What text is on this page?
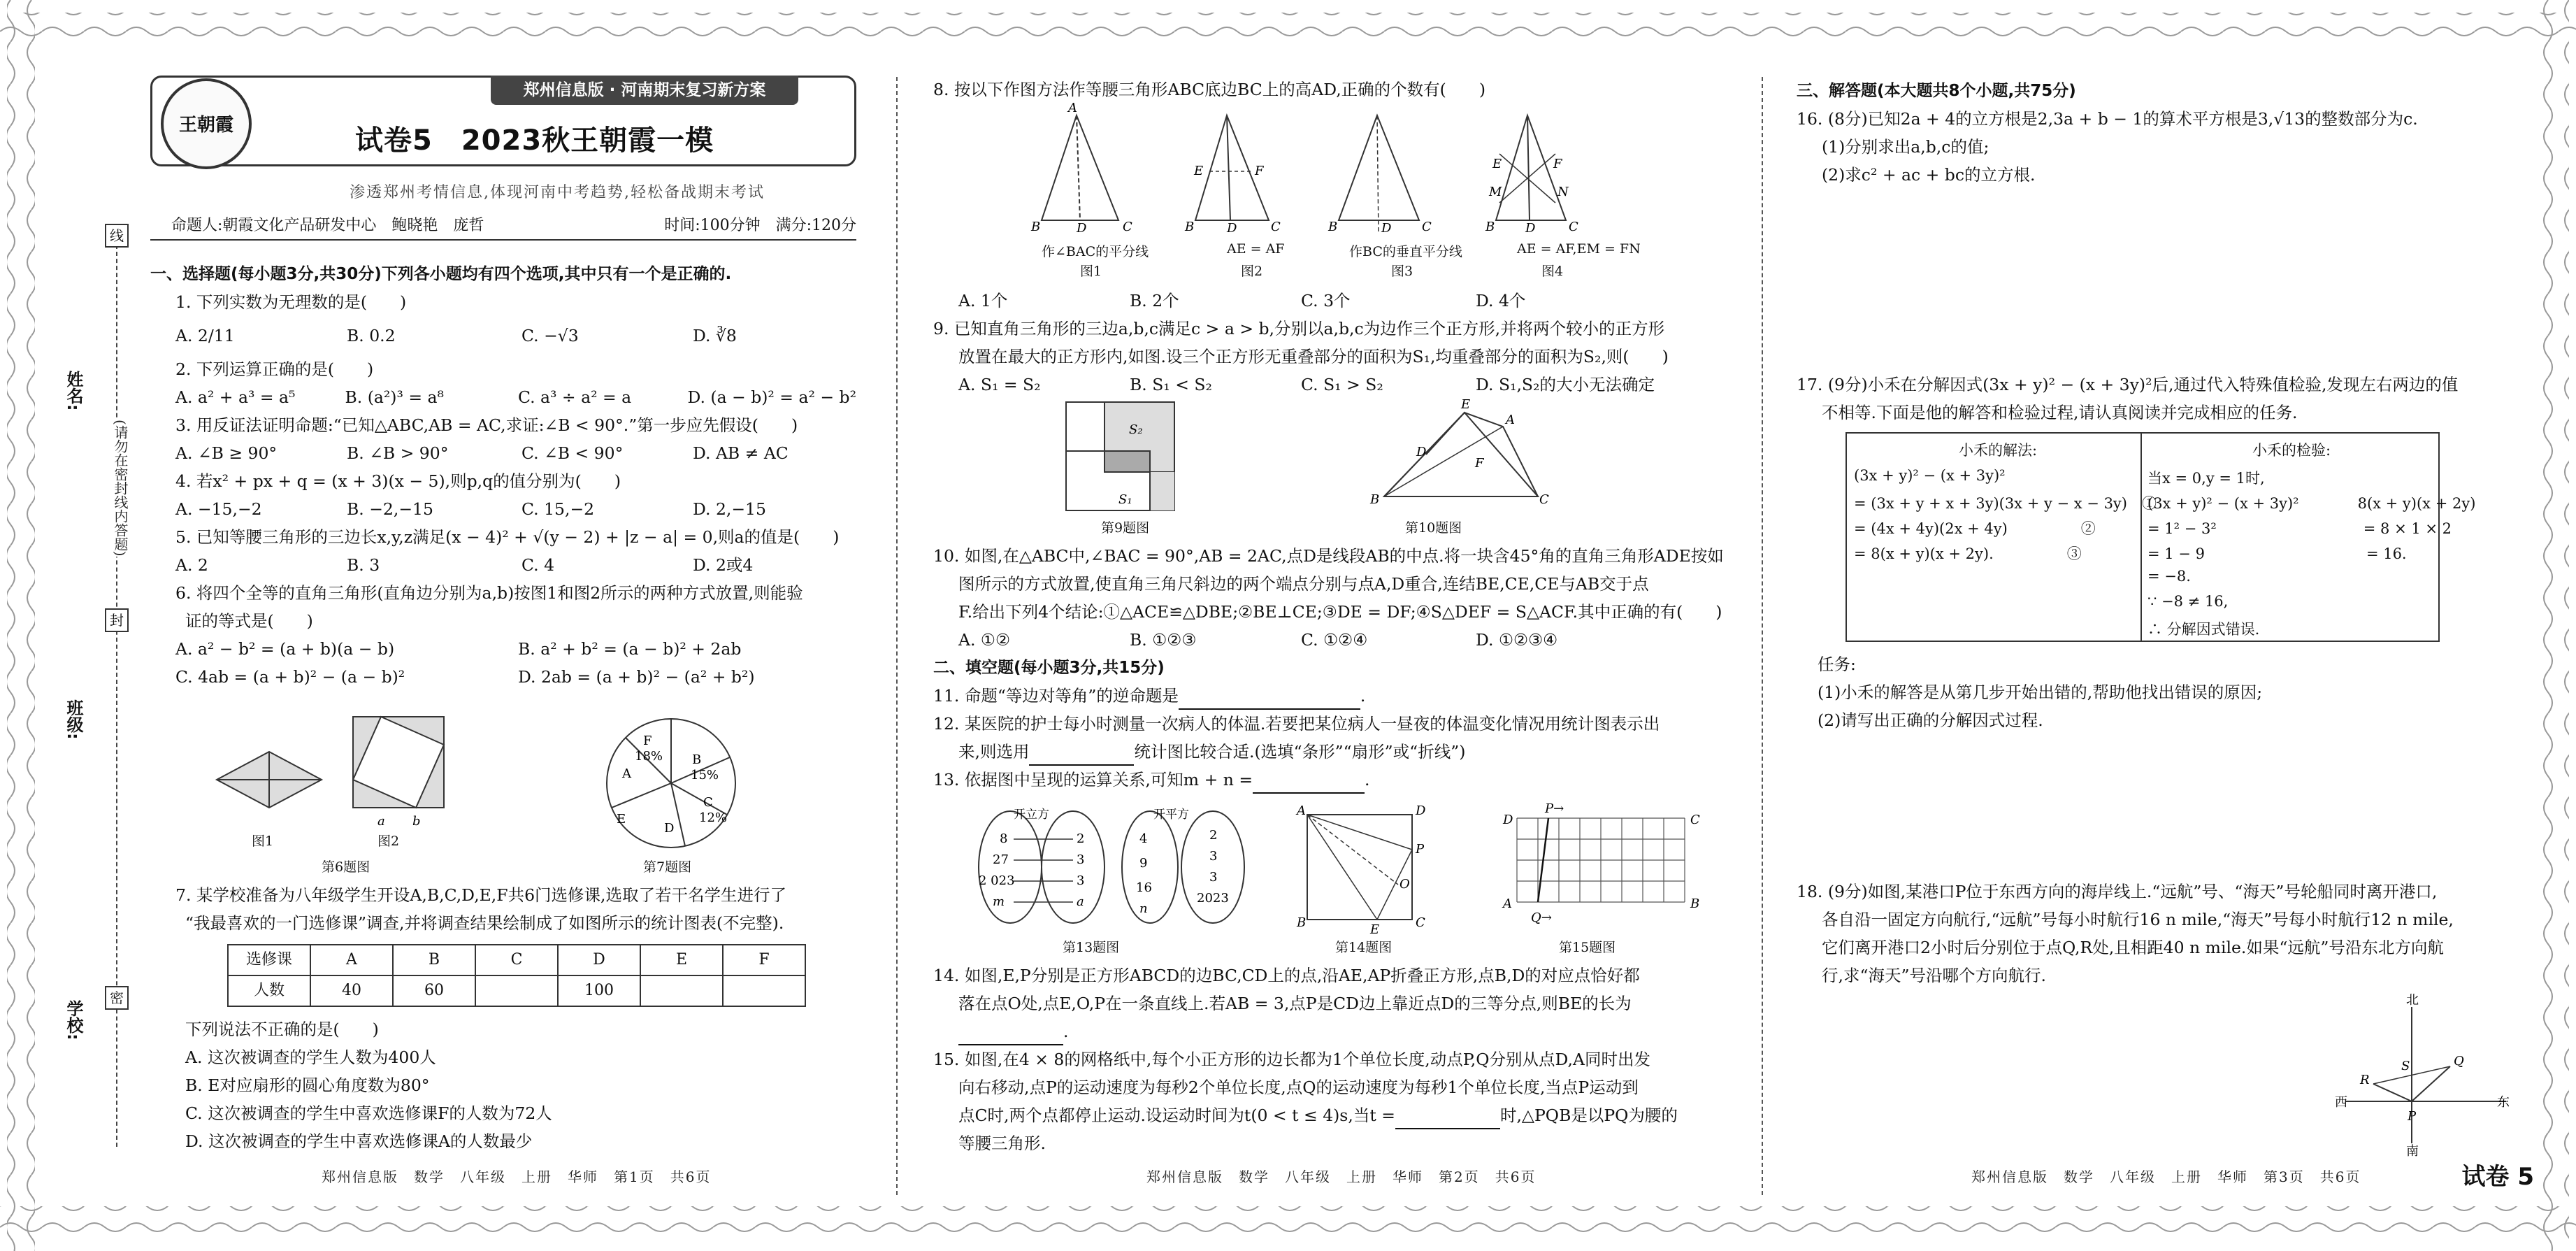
郑州信息版 · 河南期末复习新方案
试卷5　2023秋王朝霞一模
王朝霞
渗透郑州考情信息,体现河南中考趋势,轻松备战期末考试
命题人:朝霞文化产品研发中心　鲍晓艳　庞哲	时间:100分钟　满分:120分
姓名:
班级:
学校:
(请勿在密封线内答题)
线
封
密
一、选择题(每小题3分,共30分)下列各小题均有四个选项,其中只有一个是正确的.
1. 下列实数为无理数的是(　　)
A. 2/11	B. 0.2	C. −√3	D. ∛8
2. 下列运算正确的是(　　)
A. a² + a³ = a⁵	B. (a²)³ = a⁸	C. a³ ÷ a² = a	D. (a − b)² = a² − b²
3. 用反证法证明命题:“已知△ABC,AB = AC,求证:∠B < 90°.”第一步应先假设(　　)
A. ∠B ≥ 90°	B. ∠B > 90°	C. ∠B < 90°	D. AB ≠ AC
4. 若x² + px + q = (x + 3)(x − 5),则p,q的值分别为(　　)
A. −15,−2	B. −2,−15	C. 15,−2	D. 2,−15
5. 已知等腰三角形的三边长x,y,z满足(x − 4)² + √(y − 2) + |z − a| = 0,则a的值是(　　)
A. 2	B. 3	C. 4	D. 2或4
6. 将四个全等的直角三角形(直角边分别为a,b)按图1和图2所示的两种方式放置,则能验
证的等式是(　　)
A. a² − b² = (a + b)(a − b)	B. a² + b² = (a − b)² + 2ab
C. 4ab = (a + b)² − (a − b)²	D. 2ab = (a + b)² − (a² + b²)
a b
F
18% B
15%
C
12%
A
D
E
图1	图2
第6题图	第7题图
7. 某学校准备为八年级学生开设A,B,C,D,E,F共6门选修课,选取了若干名学生进行了
“我最喜欢的一门选修课”调查,并将调查结果绘制成了如图所示的统计图表(不完整).
选修课	A	B	C	D	E	F
人数	40	60		100		
下列说法不正确的是(　　)
A. 这次被调查的学生人数为400人
B. E对应扇形的圆心角度数为80°
C. 这次被调查的学生中喜欢选修课F的人数为72人
D. 这次被调查的学生中喜欢选修课A的人数最少
8. 按以下作图方法作等腰三角形ABC底边BC上的高AD,正确的个数有(　　)
B	D	C
A
E	F
B	D	C	B	D C
E	F
M	N
B D	C
作∠BAC的平分线	AE = AF	作BC的垂直平分线	AE = AF,EM = FN
图1	图2	图3	图4
A. 1个	B. 2个	C. 3个	D. 4个
9. 已知直角三角形的三边a,b,c满足c > a > b,分别以a,b,c为边作三个正方形,并将两个较小的正方形
放置在最大的正方形内,如图.设三个正方形无重叠部分的面积为S₁,均重叠部分的面积为S₂,则(　　)
A. S₁ = S₂	B. S₁ < S₂	C. S₁ > S₂	D. S₁,S₂的大小无法确定
S₂
S₁	B
E
A
D
F
C
第9题图	第10题图
10. 如图,在△ABC中,∠BAC = 90°,AB = 2AC,点D是线段AB的中点.将一块含45°角的直角三角形ADE按如
图所示的方式放置,使直角三角尺斜边的两个端点分别与点A,D重合,连结BE,CE,CE与AB交于点
F.给出下列4个结论:①△ACE≌△DBE;②BE⊥CE;③DE = DF;④S△DEF = S△ACF.其中正确的有(　　)
A. ①②	B. ①②③	C. ①②④	D. ①②③④
二、填空题(每小题3分,共15分)
11. 命题“等边对等角”的逆命题是	.
12. 某医院的护士每小时测量一次病人的体温.若要把某位病人一昼夜的体温变化情况用统计图表示出
来,则选用	统计图比较合适.(选填“条形”“扇形”或“折线”)
13. 依据图中呈现的运算关系,可知m + n =	.
开立方
8
27
2 023
m
2
3
3
a
开平方
4
9
16
n
2
3
3
2023
A	D
P
O
B	E	C
D	C
A	B
P→
Q→
第13题图	第14题图	第15题图
14. 如图,E,P分别是正方形ABCD的边BC,CD上的点,沿AE,AP折叠正方形,点B,D的对应点恰好都
落在点O处,点E,O,P在一条直线上.若AB = 3,点P是CD边上靠近点D的三等分点,则BE的长为
.
15. 如图,在4 × 8的网格纸中,每个小正方形的边长都为1个单位长度,动点P,Q分别从点D,A同时出发
向右移动,点P的运动速度为每秒2个单位长度,点Q的运动速度为每秒1个单位长度,当点P运动到
点C时,两个点都停止运动.设运动时间为t(0 < t ≤ 4)s,当t =	时,△PQB是以PQ为腰的
等腰三角形.
三、解答题(本大题共8个小题,共75分)
16. (8分)已知2a + 4的立方根是2,3a + b − 1的算术平方根是3,√13的整数部分为c.
(1)分别求出a,b,c的值;
(2)求c² + ac + bc的立方根.
17. (9分)小禾在分解因式(3x + y)² − (x + 3y)²后,通过代入特殊值检验,发现左右两边的值
不相等.下面是他的解答和检验过程,请认真阅读并完成相应的任务.
小禾的解法:	小禾的检验:
(3x + y)² − (x + 3y)²
= (3x + y + x + 3y)(3x + y − x − 3y)　①
= (4x + 4y)(2x + 4y)　　　　　②
= 8(x + y)(x + 2y).　　　　　③
当x = 0,y = 1时,
(3x + y)² − (x + 3y)²　　　　8(x + y)(x + 2y)
= 1² − 3²　　　　　　　　　　= 8 × 1 × 2
= 1 − 9　　　　　　　　　　　= 16.
= −8.
∵ −8 ≠ 16,
∴ 分解因式错误.
任务:
(1)小禾的解答是从第几步开始出错的,帮助他找出错误的原因;
(2)请写出正确的分解因式过程.
18. (9分)如图,某港口P位于东西方向的海岸线上.“远航”号、“海天”号轮船同时离开港口,
各自沿一固定方向航行,“远航”号每小时航行16 n mile,“海天”号每小时航行12 n mile,
它们离开港口2小时后分别位于点Q,R处,且相距40 n mile.如果“远航”号沿东北方向航
行,求“海天”号沿哪个方向航行.
北
南
东
西
P
Q
R
S
郑州信息版　数学　八年级　上册　华师　第1页　共6页	郑州信息版　数学　八年级　上册　华师　第2页　共6页	郑州信息版　数学　八年级　上册　华师　第3页　共6页	试卷 5
